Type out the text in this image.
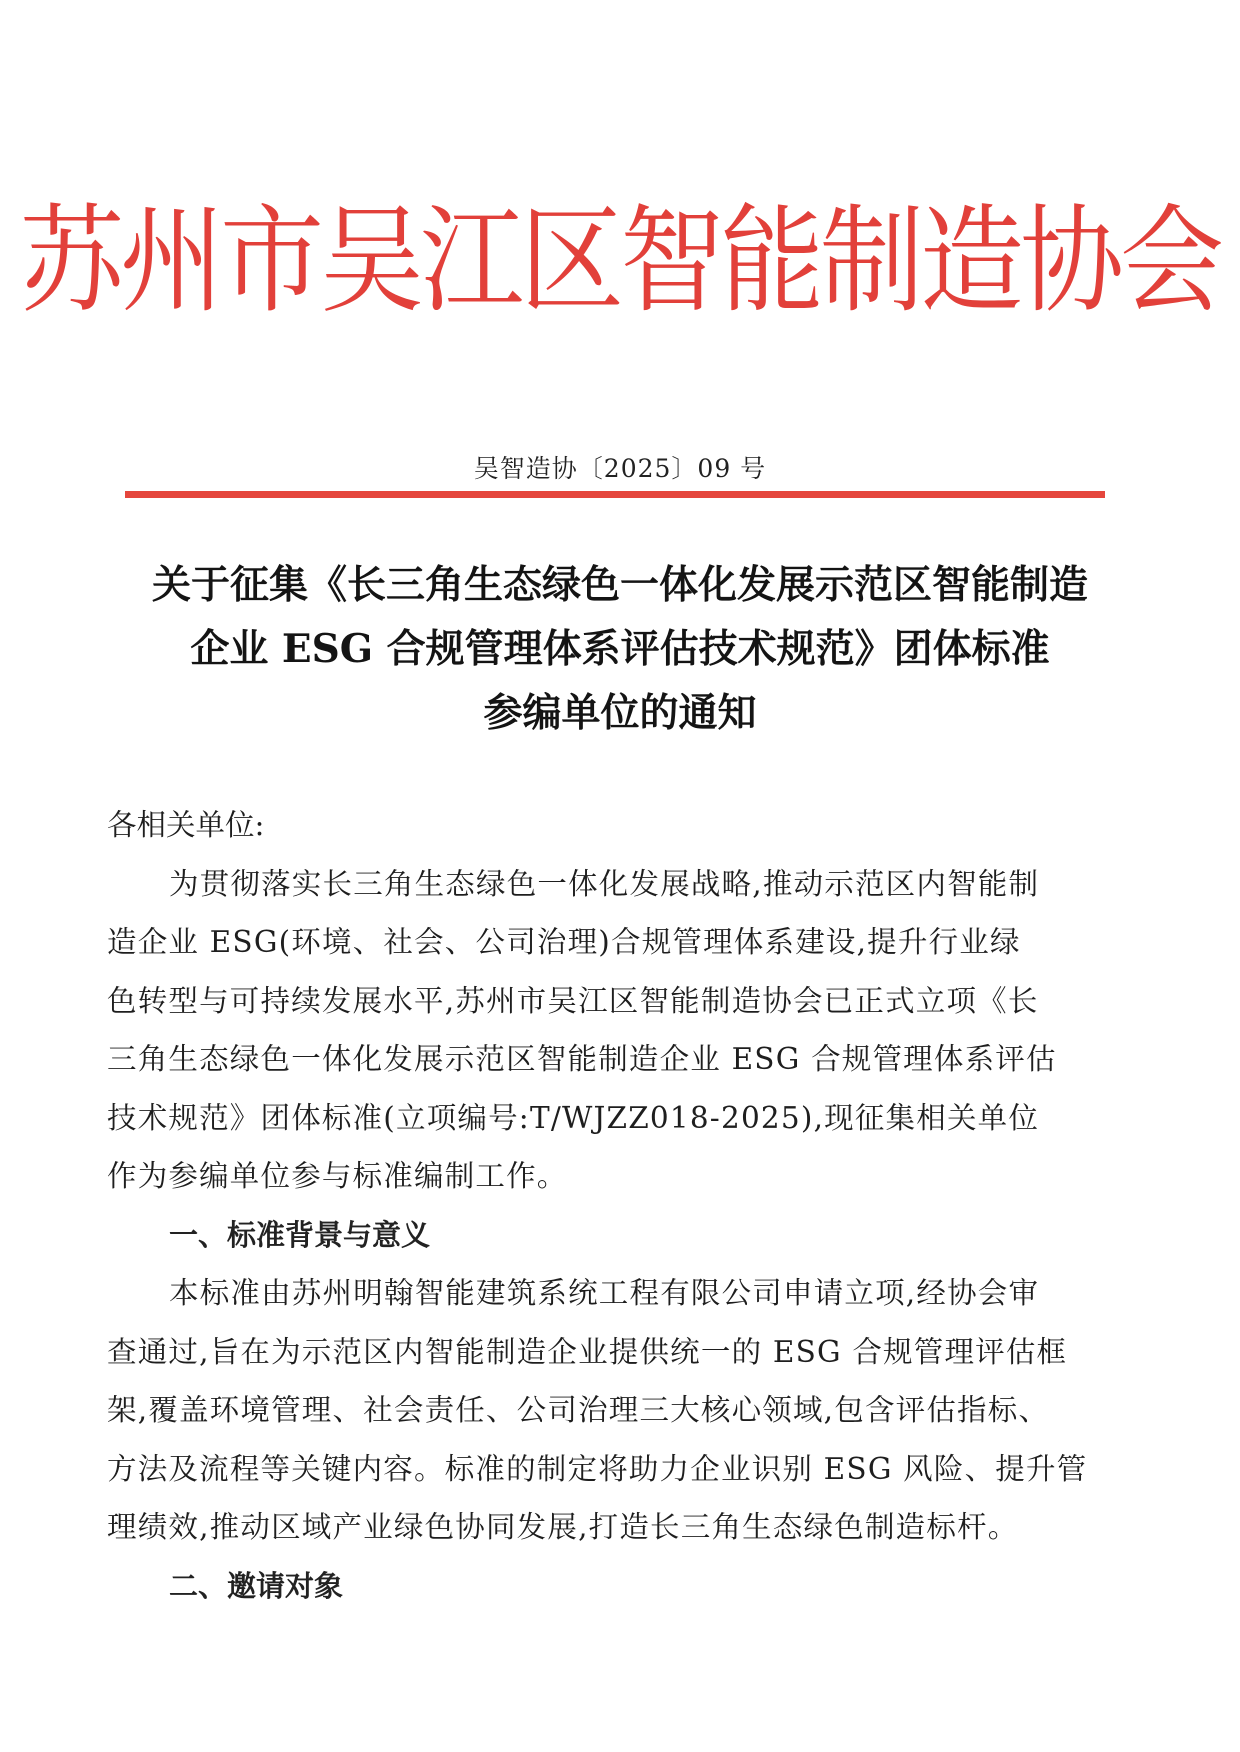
苏州市吴江区智能制造协会
吴智造协〔2025〕09 号
关于征集《长三角生态绿色一体化发展示范区智能制造
企业 ESG 合规管理体系评估技术规范》团体标准
参编单位的通知

各相关单位:

为贯彻落实长三角生态绿色一体化发展战略,推动示范区内智能制
造企业 ESG(环境、社会、公司治理)合规管理体系建设,提升行业绿
色转型与可持续发展水平,苏州市吴江区智能制造协会已正式立项《长
三角生态绿色一体化发展示范区智能制造企业 ESG 合规管理体系评估
技术规范》团体标准(立项编号:T/WJZZ018-2025),现征集相关单位
作为参编单位参与标准编制工作。

一、标准背景与意义

本标准由苏州明翰智能建筑系统工程有限公司申请立项,经协会审
查通过,旨在为示范区内智能制造企业提供统一的 ESG 合规管理评估框
架,覆盖环境管理、社会责任、公司治理三大核心领域,包含评估指标、
方法及流程等关键内容。标准的制定将助力企业识别 ESG 风险、提升管
理绩效,推动区域产业绿色协同发展,打造长三角生态绿色制造标杆。

二、邀请对象
